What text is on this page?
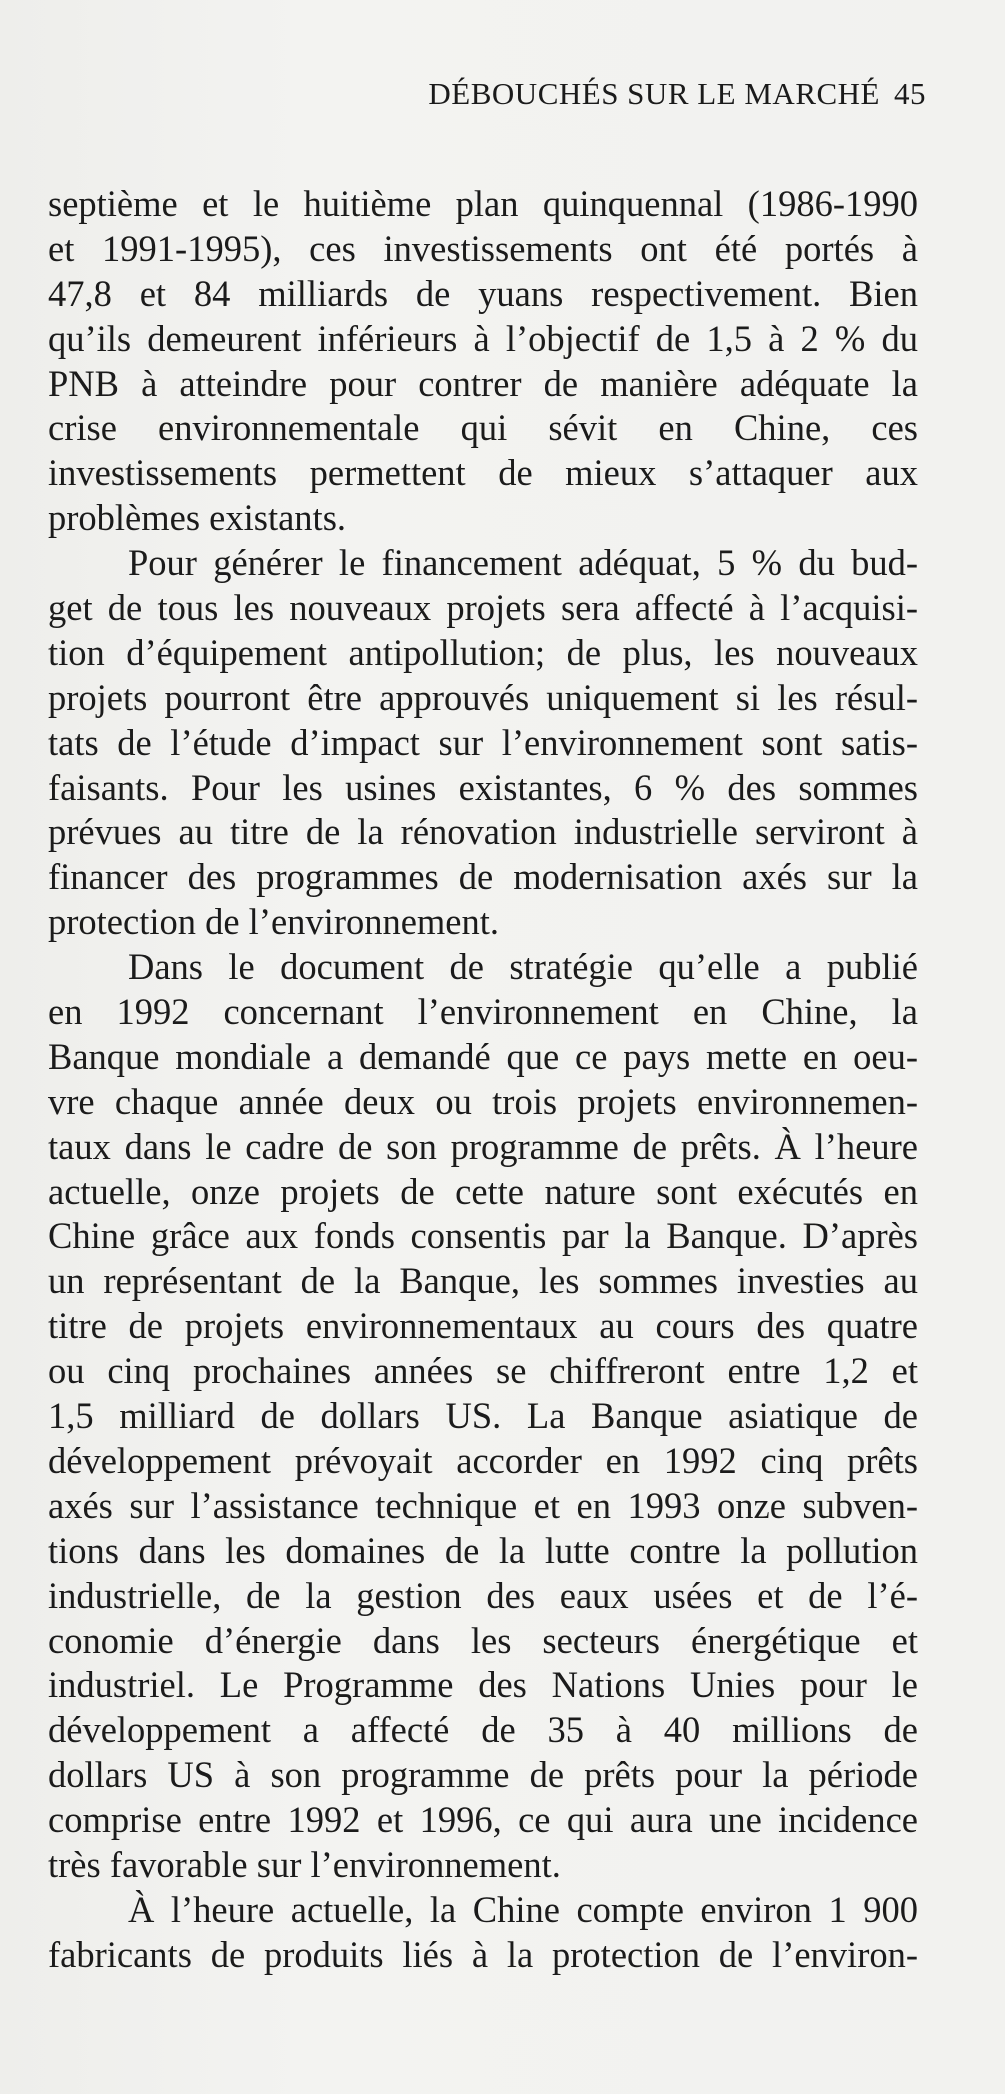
DÉBOUCHÉS SUR LE MARCHÉ 45
septième et le huitième plan quinquennal (1986-1990
et 1991-1995), ces investissements ont été portés à
47,8 et 84 milliards de yuans respectivement. Bien
qu’ils demeurent inférieurs à l’objectif de 1,5 à 2 % du
PNB à atteindre pour contrer de manière adéquate la
crise environnementale qui sévit en Chine, ces
investissements permettent de mieux s’attaquer aux
problèmes existants.
Pour générer le financement adéquat, 5 % du bud-
get de tous les nouveaux projets sera affecté à l’acquisi-
tion d’équipement antipollution; de plus, les nouveaux
projets pourront être approuvés uniquement si les résul-
tats de l’étude d’impact sur l’environnement sont satis-
faisants. Pour les usines existantes, 6 % des sommes
prévues au titre de la rénovation industrielle serviront à
financer des programmes de modernisation axés sur la
protection de l’environnement.
Dans le document de stratégie qu’elle a publié
en 1992 concernant l’environnement en Chine, la
Banque mondiale a demandé que ce pays mette en oeu-
vre chaque année deux ou trois projets environnemen-
taux dans le cadre de son programme de prêts. À l’heure
actuelle, onze projets de cette nature sont exécutés en
Chine grâce aux fonds consentis par la Banque. D’après
un représentant de la Banque, les sommes investies au
titre de projets environnementaux au cours des quatre
ou cinq prochaines années se chiffreront entre 1,2 et
1,5 milliard de dollars US. La Banque asiatique de
développement prévoyait accorder en 1992 cinq prêts
axés sur l’assistance technique et en 1993 onze subven-
tions dans les domaines de la lutte contre la pollution
industrielle, de la gestion des eaux usées et de l’é-
conomie d’énergie dans les secteurs énergétique et
industriel. Le Programme des Nations Unies pour le
développement a affecté de 35 à 40 millions de
dollars US à son programme de prêts pour la période
comprise entre 1992 et 1996, ce qui aura une incidence
très favorable sur l’environnement.
À l’heure actuelle, la Chine compte environ 1 900
fabricants de produits liés à la protection de l’environ-
